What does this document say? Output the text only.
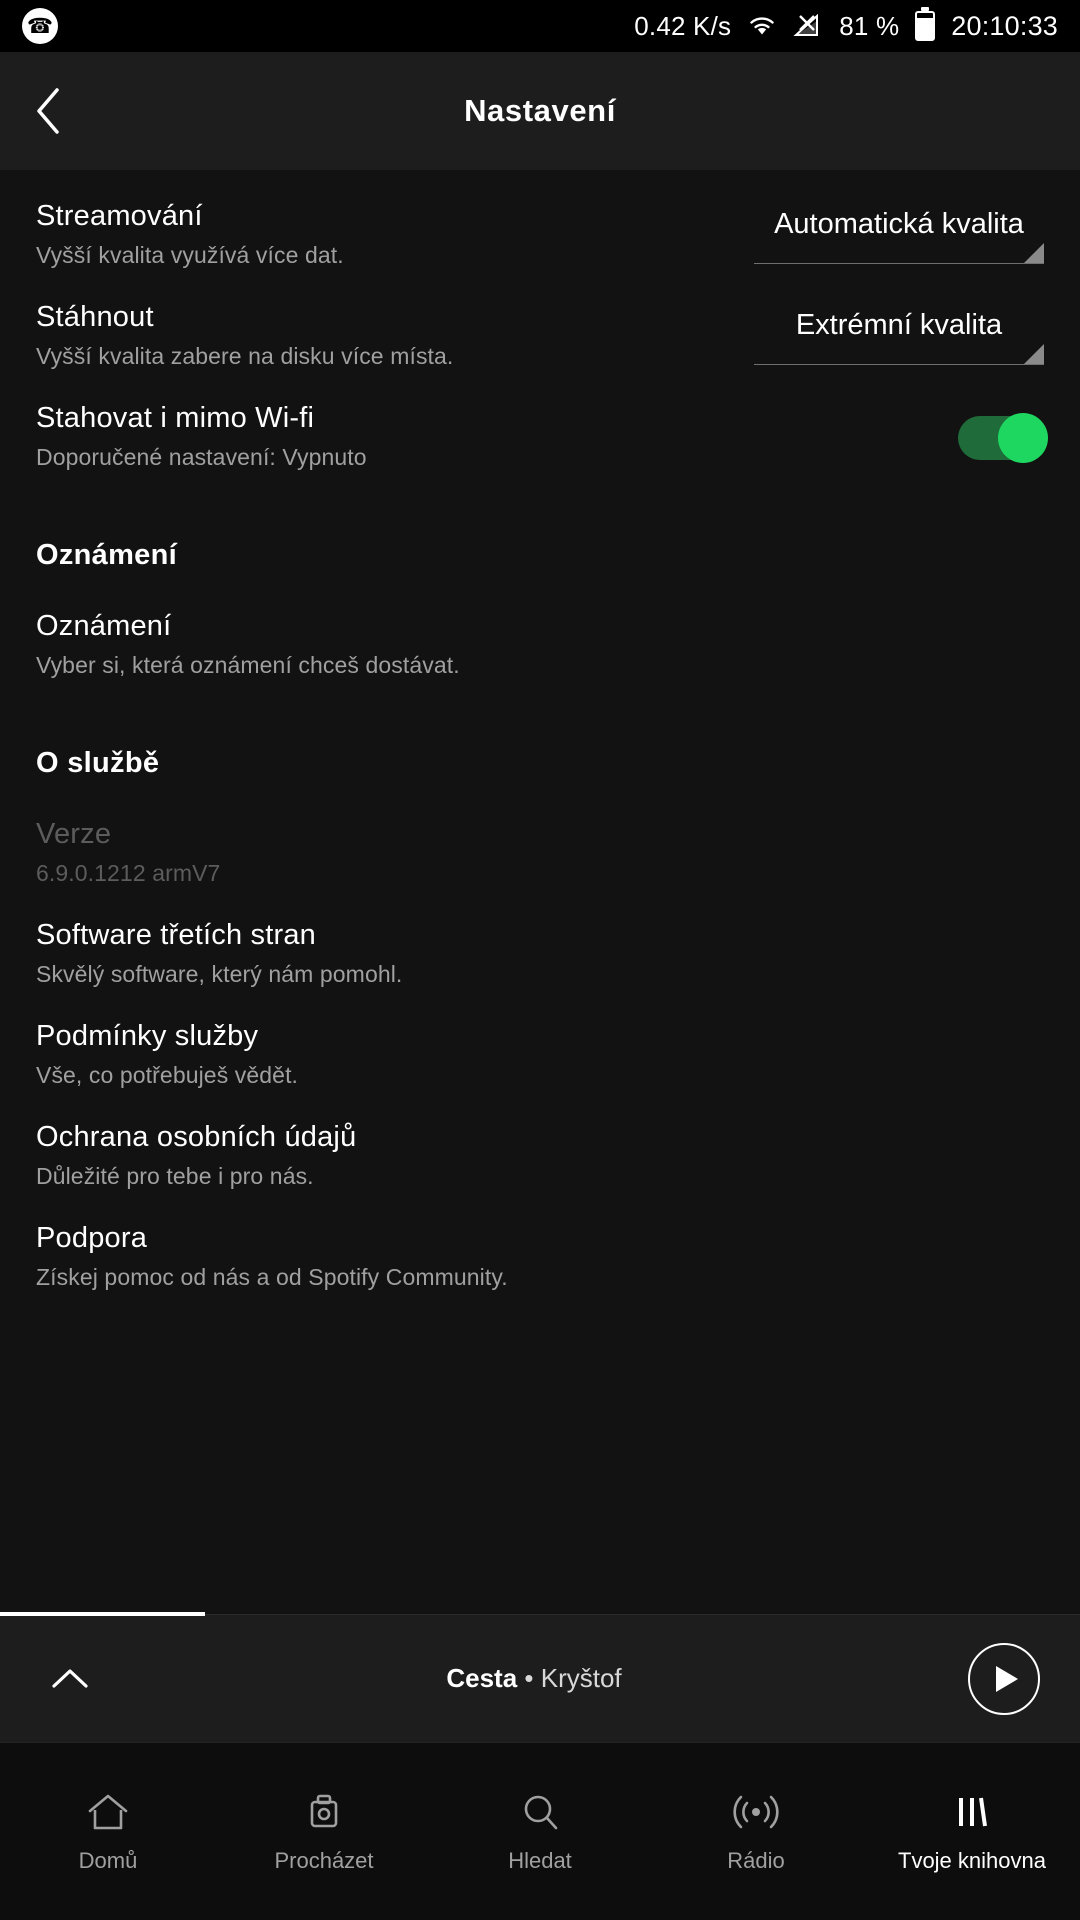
☎	0.42 K/s	81 % 20:10:33
Nastavení
Streamování
Vyšší kvalita využívá více dat.
Automatická kvalita
Stáhnout
Vyšší kvalita zabere na disku více místa.
Extrémní kvalita
Stahovat i mimo Wi-fi
Doporučené nastavení: Vypnuto
Oznámení
Oznámení
Vyber si, která oznámení chceš dostávat.
O službě
Verze
6.9.0.1212 armV7
Software třetích stran
Skvělý software, který nám pomohl.
Podmínky služby
Vše, co potřebuješ vědět.
Ochrana osobních údajů
Důležité pro tebe i pro nás.
Podpora
Získej pomoc od nás a od Spotify Community.
Cesta • Kryštof
Domů	Procházet	Hledat	Rádio	Tvoje knihovna
